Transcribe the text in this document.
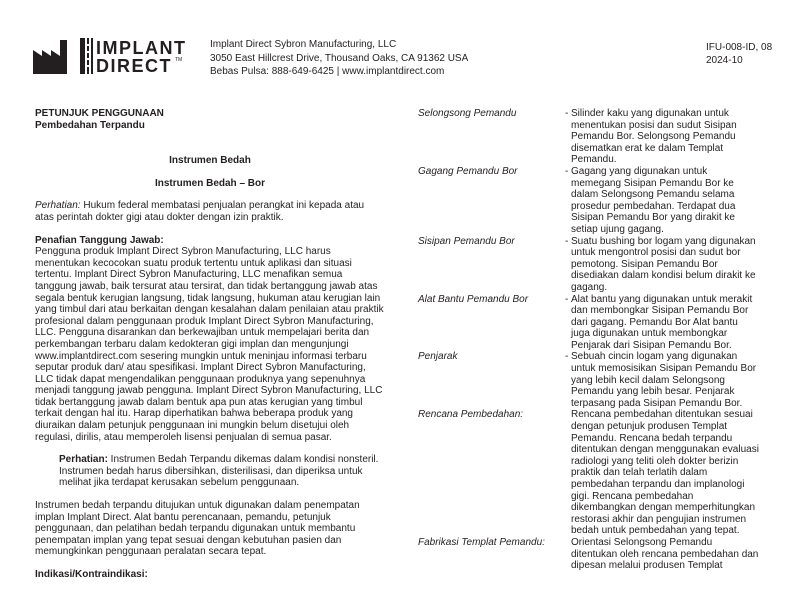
IMPLANT
DIRECT TM
Implant Direct Sybron Manufacturing, LLC
3050 East Hillcrest Drive, Thousand Oaks, CA 91362 USA
Bebas Pulsa: 888-649-6425 | www.implantdirect.com
IFU-008-ID, 08
2024-10

PETUNJUK PENGGUNAAN

Pembedahan Terpandu

Instrumen Bedah

Instrumen Bedah – Bor

Perhatian: Hukum federal membatasi penjualan perangkat ini kepada atau atas perintah dokter gigi atau dokter dengan izin praktik.

Penafian Tanggung Jawab:

Pengguna produk Implant Direct Sybron Manufacturing, LLC harus menentukan kecocokan suatu produk tertentu untuk aplikasi dan situasi tertentu. Implant Direct Sybron Manufacturing, LLC menafikan semua tanggung jawab, baik tersurat atau tersirat, dan tidak bertanggung jawab atas segala bentuk kerugian langsung, tidak langsung, hukuman atau kerugian lain yang timbul dari atau berkaitan dengan kesalahan dalam penilaian atau praktik profesional dalam penggunaan produk Implant Direct Sybron Manufacturing, LLC. Pengguna disarankan dan berkewajiban untuk mempelajari berita dan perkembangan terbaru dalam kedokteran gigi implan dan mengunjungi www.implantdirect.com sesering mungkin untuk meninjau informasi terbaru seputar produk dan/ atau spesifikasi. Implant Direct Sybron Manufacturing, LLC tidak dapat mengendalikan penggunaan produknya yang sepenuhnya menjadi tanggung jawab pengguna. Implant Direct Sybron Manufacturing, LLC tidak bertanggung jawab dalam bentuk apa pun atas kerugian yang timbul terkait dengan hal itu. Harap diperhatikan bahwa beberapa produk yang diuraikan dalam petunjuk penggunaan ini mungkin belum disetujui oleh regulasi, dirilis, atau memperoleh lisensi penjualan di semua pasar.

Perhatian: Instrumen Bedah Terpandu dikemas dalam kondisi nonsteril. Instrumen bedah harus dibersihkan, disterilisasi, dan diperiksa untuk melihat jika terdapat kerusakan sebelum penggunaan.

Instrumen bedah terpandu ditujukan untuk digunakan dalam penempatan implan Implant Direct. Alat bantu perencanaan, pemandu, petunjuk penggunaan, dan pelatihan bedah terpandu digunakan untuk membantu penempatan implan yang tepat sesuai dengan kebutuhan pasien dan memungkinkan penggunaan peralatan secara tepat.

Indikasi/Kontraindikasi:

Selongsong Pemandu	- Silinder kaku yang digunakan untuk menentukan posisi dan sudut Sisipan Pemandu Bor. Selongsong Pemandu disematkan erat ke dalam Templat Pemandu.
Gagang Pemandu Bor	- Gagang yang digunakan untuk memegang Sisipan Pemandu Bor ke dalam Selongsong Pemandu selama prosedur pembedahan. Terdapat dua Sisipan Pemandu Bor yang dirakit ke setiap ujung gagang.
Sisipan Pemandu Bor	- Suatu bushing bor logam yang digunakan untuk mengontrol posisi dan sudut bor pemotong. Sisipan Pemandu Bor disediakan dalam kondisi belum dirakit ke gagang.
Alat Bantu Pemandu Bor	- Alat bantu yang digunakan untuk merakit dan membongkar Sisipan Pemandu Bor dari gagang. Pemandu Bor Alat bantu juga digunakan untuk membongkar Penjarak dari Sisipan Pemandu Bor.
Penjarak	- Sebuah cincin logam yang digunakan untuk memosisikan Sisipan Pemandu Bor yang lebih kecil dalam Selongsong Pemandu yang lebih besar. Penjarak terpasang pada Sisipan Pemandu Bor.
Rencana Pembedahan:	Rencana pembedahan ditentukan sesuai dengan petunjuk produsen Templat Pemandu. Rencana bedah terpandu ditentukan dengan menggunakan evaluasi radiologi yang teliti oleh dokter berizin praktik dan telah terlatih dalam pembedahan terpandu dan implanologi gigi. Rencana pembedahan dikembangkan dengan memperhitungkan restorasi akhir dan pengujian instrumen bedah untuk pembedahan yang tepat.
Fabrikasi Templat Pemandu:	Orientasi Selongsong Pemandu ditentukan oleh rencana pembedahan dan dipesan melalui produsen Templat
